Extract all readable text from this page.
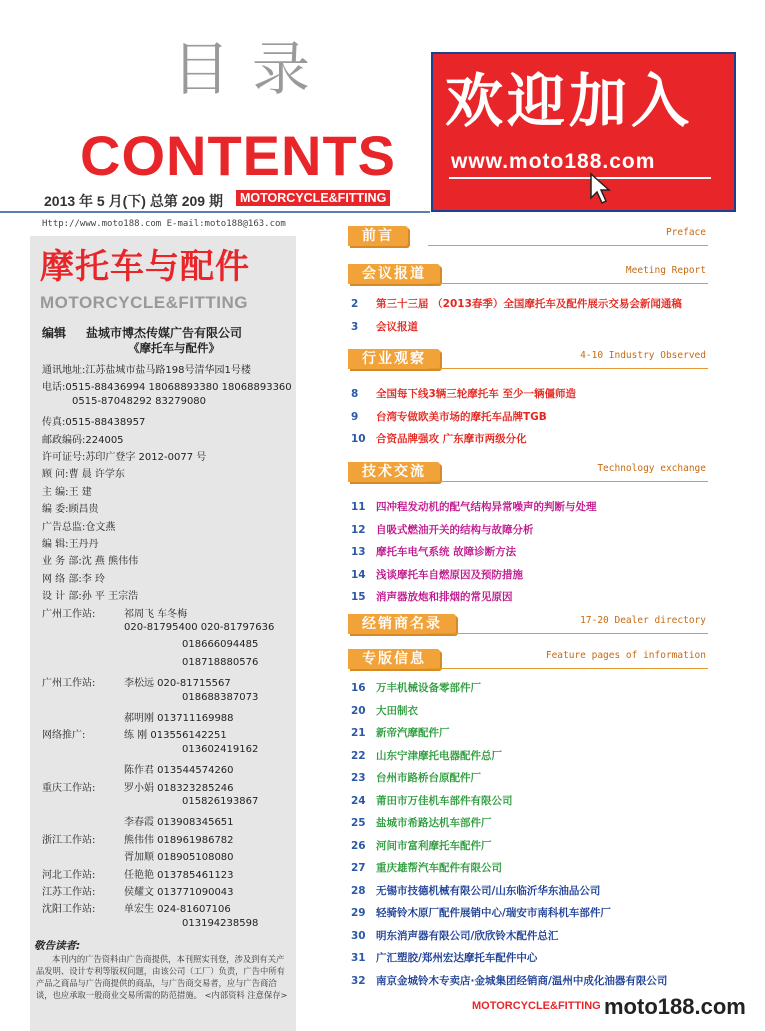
目录
CONTENTS
2013 年 5 月(下) 总第 209 期	MOTORCYCLE&FITTING
欢迎加入
www.moto188.com
Http://www.moto188.com E-mail:moto188@163.com
摩托车与配件
MOTORCYCLE&FITTING
编辑 盐城市博杰传媒广告有限公司
《摩托车与配件》
通讯地址:江苏盐城市盐马路198号清华园1号楼
电话:0515-88436994 18068893380 18068893360
0515-87048292 83279080
传真:0515-88438957
邮政编码:224005
许可证号:苏印广登字 2012-0077 号
顾 问:曹 晨 许学东
主 编:王 建
编 委:顾昌贵
广告总监:仓文燕
编 辑:王丹丹
业 务 部:沈 燕 熊伟伟
网 络 部:李 玲
设 计 部:孙 平 王宗浩
广州工作站:	祁周飞 车冬梅
020-81795400 020-81797636
018666094485
018718880576
广州工作站:	李松远 020-81715567
018688387073
郝明刚 013711169988
网络推广:	练 刚 013556142251
013602419162
陈作君 013544574260
重庆工作站:	罗小娟 018323285246
015826193867
李春霞 013908345651
浙江工作站:	熊伟伟 018961986782
胥加顺 018905108080
河北工作站:	任艳艳 013785461123
江苏工作站:	侯耀文 013771090043
沈阳工作站:	单宏生 024-81607106
013194238598
敬告读者:
本刊内的广告资料由广告商提供，本刊照实刊登，涉及到有关产品发明、设计专利等版权问题，由该公司（工厂）负责，广告中所有产品之商品与广告商提供的商品，与广告商交易者，应与广告商洽谈，也应承取一般商业交易所需的防范措施。 <内部资料 注意保存>
前言	Preface
会议报道	Meeting Report
2 第三十三届 （2013春季）全国摩托车及配件展示交易会新闻通稿
3 会议报道
行业观察	4-10 Industry Observed
8 全国每下线3辆三轮摩托车 至少一辆僵师造
9 台湾专做欧美市场的摩托车品牌TGB
10 合资品牌强攻 广东摩市两级分化
技术交流	Technology exchange
11 四冲程发动机的配气结构异常噪声的判断与处理
12 自吸式燃油开关的结构与故障分析
13 摩托车电气系统 故障诊断方法
14 浅谈摩托车自燃原因及预防措施
15 消声器放炮和排烟的常见原因
经销商名录	17-20 Dealer directory
专版信息	Feature pages of information
16 万丰机械设备零部件厂
20 大田制衣
21 新帝汽摩配件厂
22 山东宁津摩托电器配件总厂
23 台州市路桥台原配件厂
24 莆田市万佳机车部件有限公司
25 盐城市希路达机车部件厂
26 河间市富利摩托车配件厂
27 重庆雄帮汽车配件有限公司
28 无锡市技德机械有限公司/山东临沂华东油品公司
29 轻骑铃木原厂配件展销中心/瑞安市南科机车部件厂
30 明东消声器有限公司/欣欣铃木配件总汇
31 广汇塑胶/郑州宏达摩托车配件中心
32 南京金城铃木专卖店·金城集团经销商/温州中成化油器有限公司
MOTORCYCLE&FITTING moto188.com
